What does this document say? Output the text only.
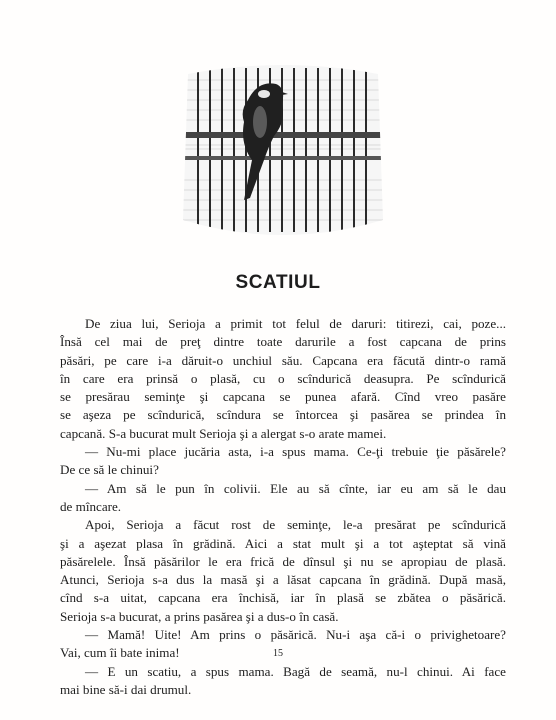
SCATIUL
De ziua lui, Serioja a primit tot felul de daruri: titirezi, cai, poze...
Însă cel mai de preţ dintre toate darurile a fost capcana de prins
păsări, pe care i-a dăruit-o unchiul său. Capcana era făcută dintr-o ramă
în care era prinsă o plasă, cu o scîndurică deasupra. Pe scîndurică
se presărau seminţe şi capcana se punea afară. Cînd vreo pasăre
se aşeza pe scîndurică, scîndura se întorcea şi pasărea se prindea în
capcană. S-a bucurat mult Serioja şi a alergat s-o arate mamei.
— Nu-mi place jucăria asta, i-a spus mama. Ce-ţi trebuie ţie păsărele?
De ce să le chinui?
— Am să le pun în colivii. Ele au să cînte, iar eu am să le dau
de mîncare.
Apoi, Serioja a făcut rost de seminţe, le-a presărat pe scîndurică
şi a aşezat plasa în grădină. Aici a stat mult şi a tot aşteptat să vină
păsărelele. Însă păsărilor le era frică de dînsul şi nu se apropiau de plasă.
Atunci, Serioja s-a dus la masă şi a lăsat capcana în grădină. După masă,
cînd s-a uitat, capcana era închisă, iar în plasă se zbătea o păsărică.
Serioja s-a bucurat, a prins pasărea şi a dus-o în casă.
— Mamă! Uite! Am prins o păsărică. Nu-i aşa că-i o privighetoare?
Vai, cum îi bate inima!
— E un scatiu, a spus mama. Bagă de seamă, nu-l chinui. Ai face
mai bine să-i dai drumul.
15
